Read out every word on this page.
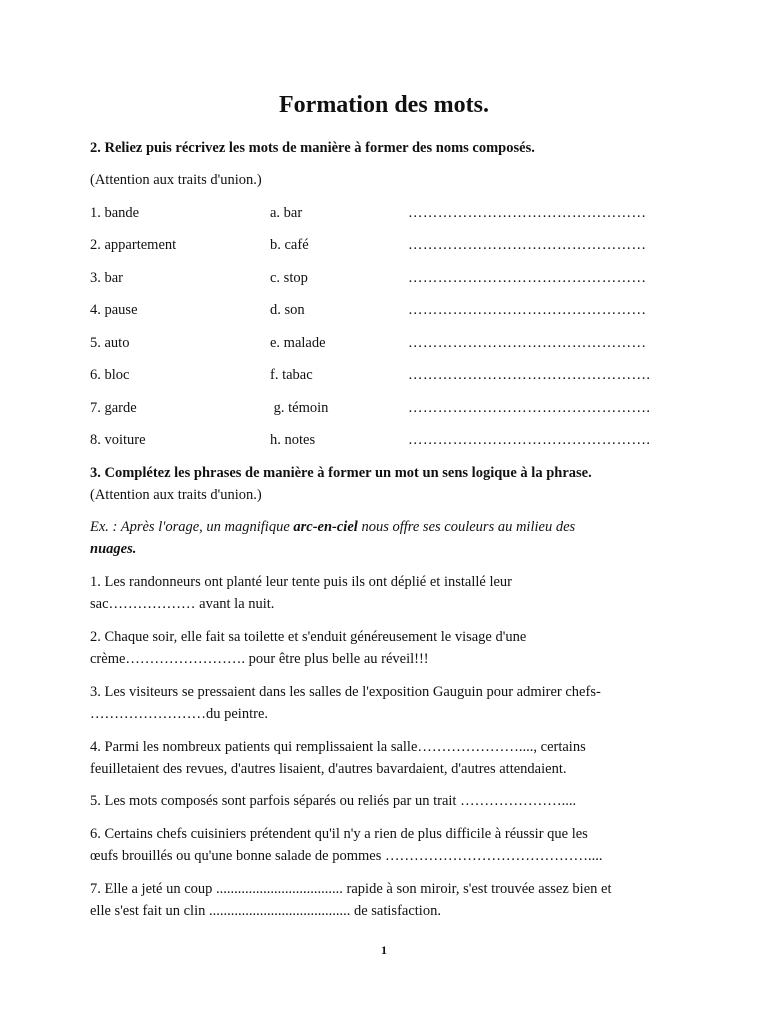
Formation des mots.

2. Reliez puis récrivez les mots de manière à former des noms composés.

(Attention aux traits d'union.)

1. bande	a. bar	…………………………………………
2. appartement	b. café	…………………………………………
3. bar	c. stop	…………………………………………
4. pause	d. son	…………………………………………
5. auto	e. malade	…………………………………………
6. bloc	f. tabac	………………………………………….
7. garde	g. témoin	………………………………………….
8. voiture	h. notes	………………………………………….

3. Complétez les phrases de manière à former un mot un sens logique à la phrase.

(Attention aux traits d'union.)

Ex. : Après l'orage, un magnifique arc-en-ciel nous offre ses couleurs au milieu des

nuages.

1. Les randonneurs ont planté leur tente puis ils ont déplié et installé leur

sac……………… avant la nuit.

2. Chaque soir, elle fait sa toilette et s'enduit généreusement le visage d'une

crème……………………. pour être plus belle au réveil!!!

3. Les visiteurs se pressaient dans les salles de l'exposition Gauguin pour admirer chefs-

……………………du peintre.

4. Parmi les nombreux patients qui remplissaient la salle…………………...., certains

feuilletaient des revues, d'autres lisaient, d'autres bavardaient, d'autres attendaient.

5. Les mots composés sont parfois séparés ou reliés par un trait …………………....

6. Certains chefs cuisiniers prétendent qu'il n'y a rien de plus difficile à réussir que les

œufs brouillés ou qu'une bonne salade de pommes ……………………………………....

7. Elle a jeté un coup ................................... rapide à son miroir, s'est trouvée assez bien et

elle s'est fait un clin ....................................... de satisfaction.

1
